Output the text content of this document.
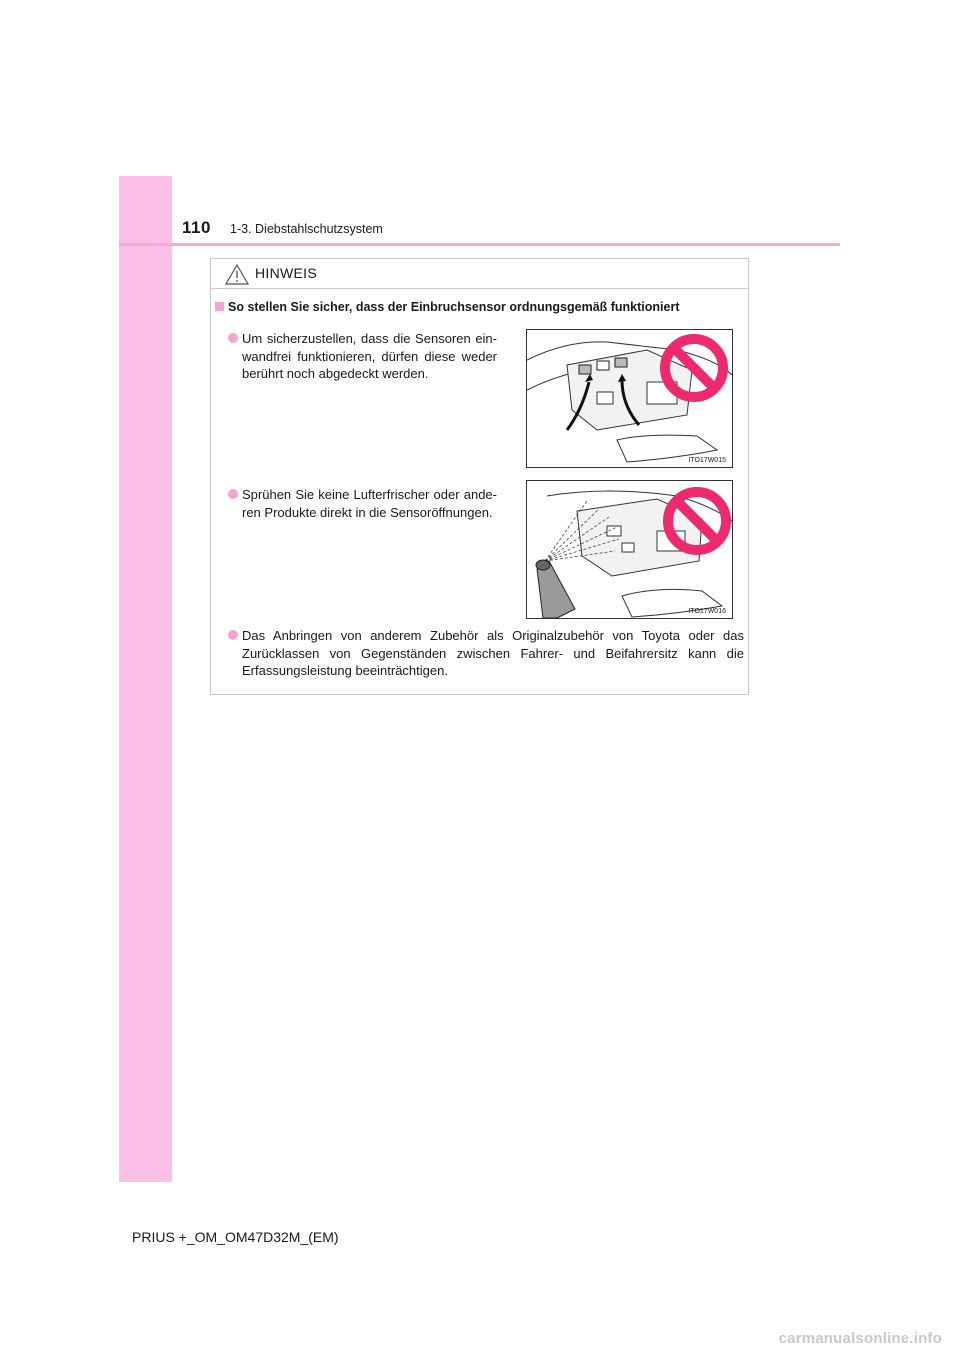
110 1-3. Diebstahlschutzsystem
HINWEIS
So stellen Sie sicher, dass der Einbruchsensor ordnungsgemäß funktioniert
Um sicherzustellen, dass die Sensoren ein-wandfrei funktionieren, dürfen diese weder berührt noch abgedeckt werden.
ITO17W015
Sprühen Sie keine Lufterfrischer oder ande-ren Produkte direkt in die Sensoröffnungen.
ITO17W016
Das Anbringen von anderem Zubehör als Originalzubehör von Toyota oder das Zurücklassen von Gegenständen zwischen Fahrer- und Beifahrersitz kann die Erfassungsleistung beeinträchtigen.
PRIUS +_OM_OM47D32M_(EM)
carmanualsonline.info
